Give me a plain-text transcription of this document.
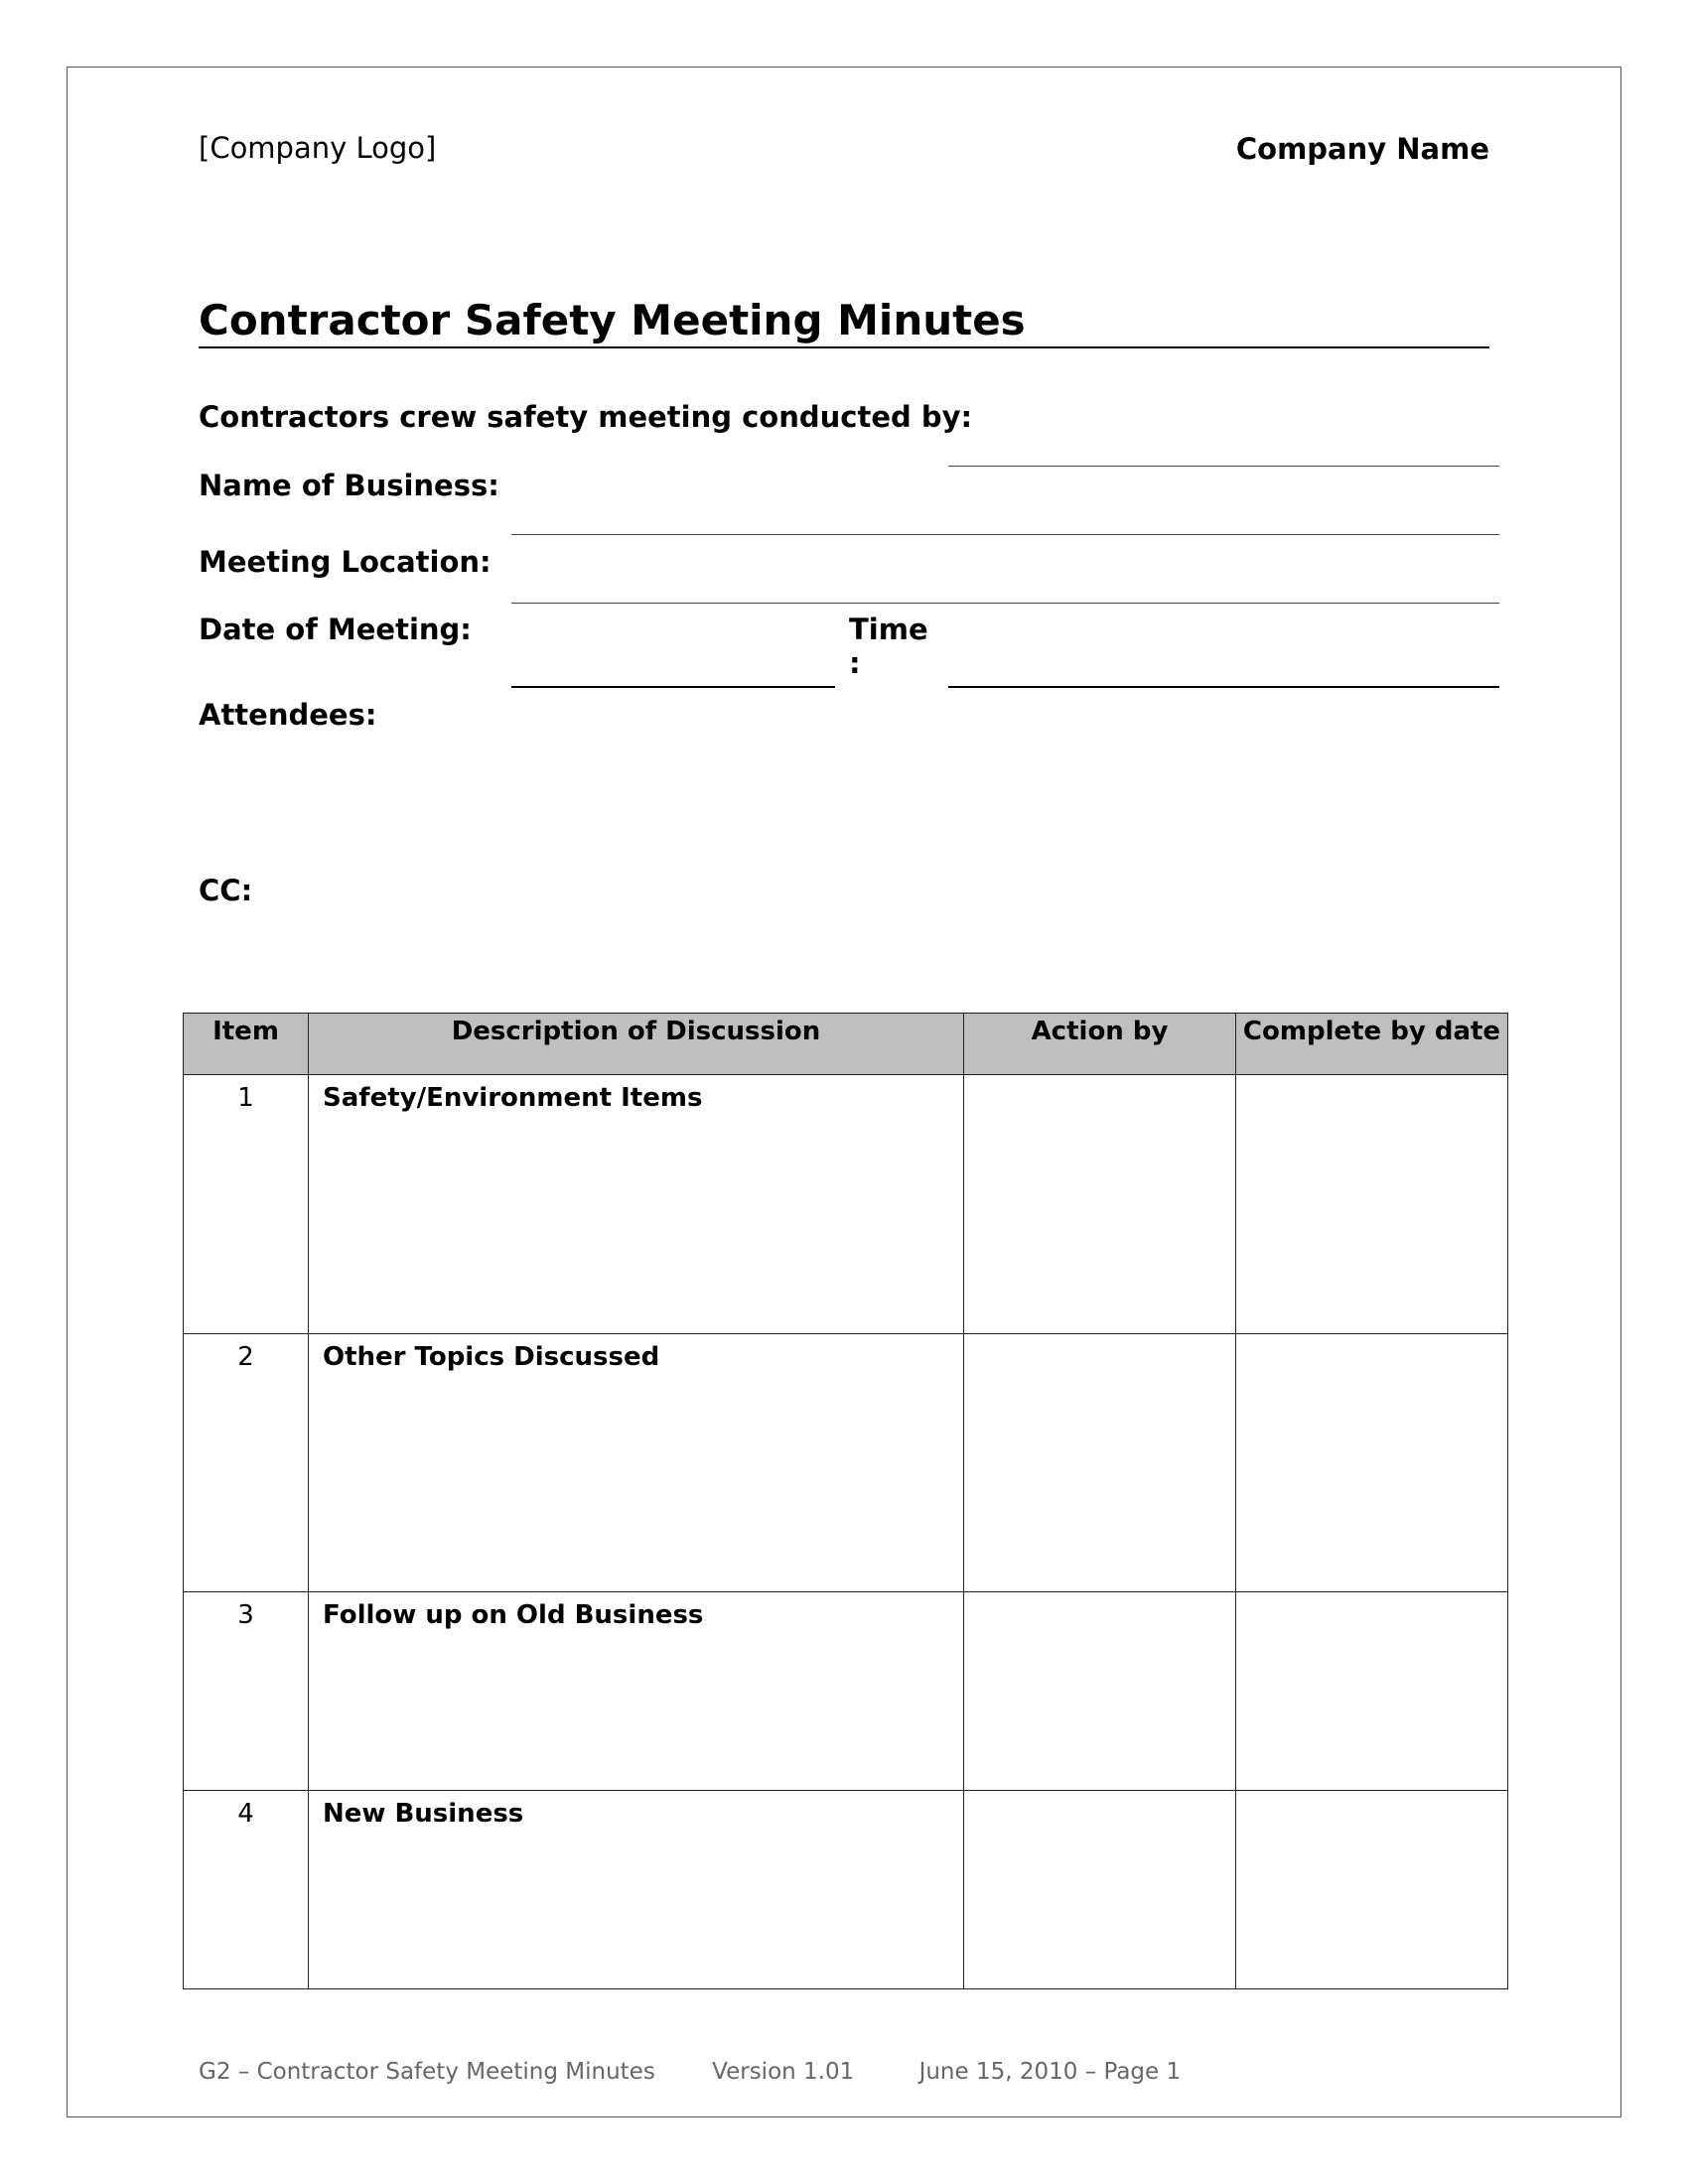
[Company Logo]	Company Name
Contractor Safety Meeting Minutes
Contractors crew safety meeting conducted by:
Name of Business:
Meeting Location:
Date of Meeting:	Time
:
Attendees:
CC:
Item	Description of Discussion	Action by	Complete by date
1	Safety/Environment Items		
2	Other Topics Discussed		
3	Follow up on Old Business		
4	New Business		
G2 – Contractor Safety Meeting Minutes Version 1.01	June 15, 2010 – Page 1
